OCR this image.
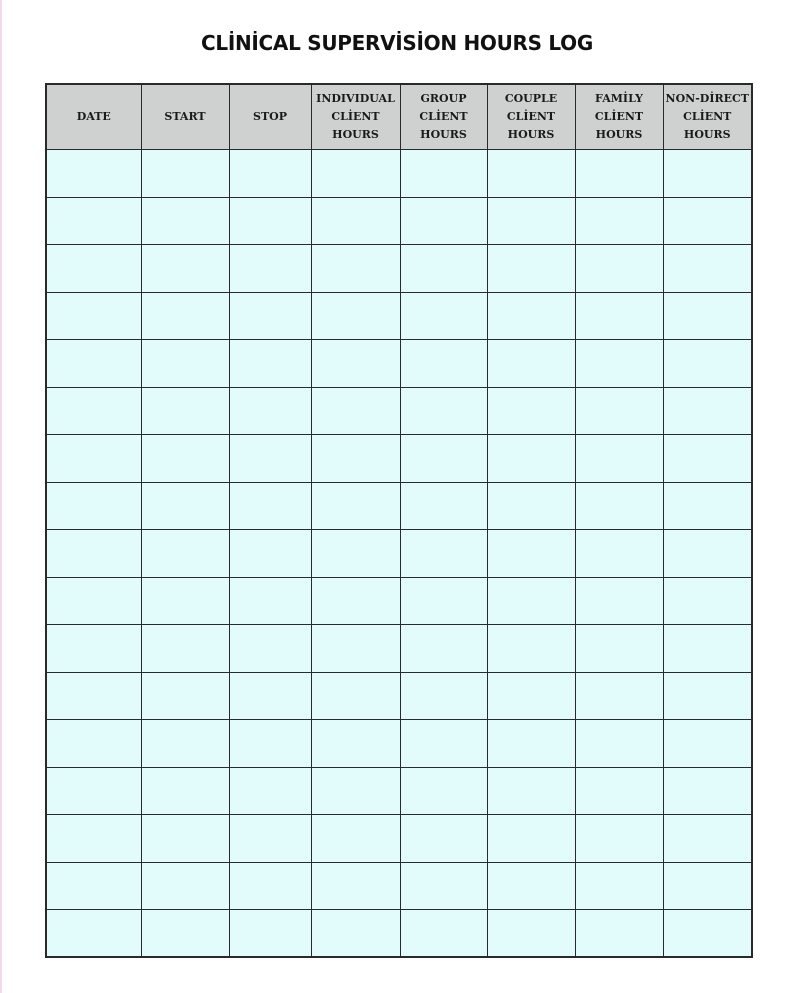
CLİNİCAL SUPERVİSİON HOURS LOG
DATE	START	STOP	INDIVIDUAL
CLİENT
HOURS	GROUP
CLİENT
HOURS	COUPLE
CLİENT
HOURS	FAMİLY
CLİENT
HOURS	NON-DİRECT
CLİENT
HOURS
